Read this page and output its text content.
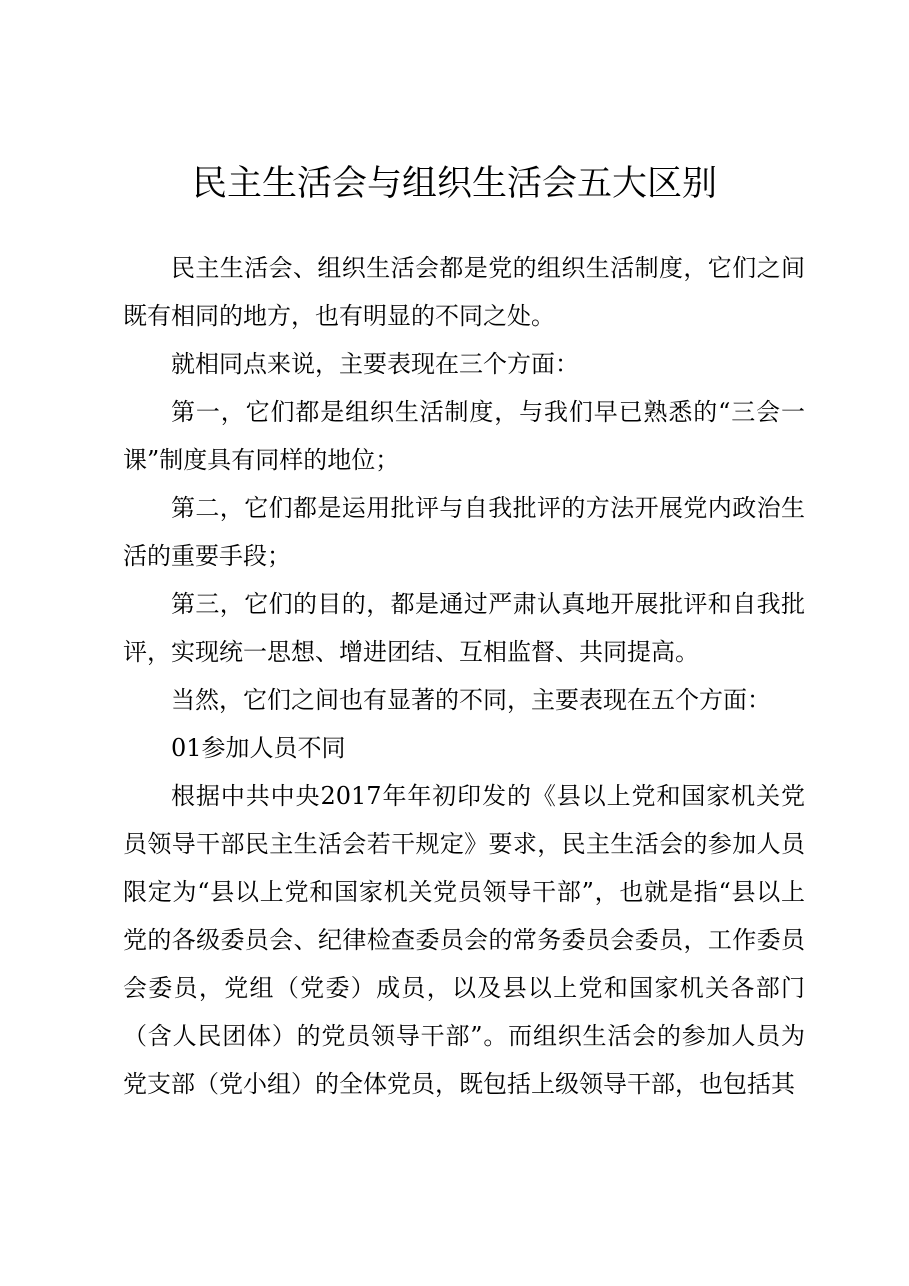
民主生活会与组织生活会五大区别

民主生活会、组织生活会都是党的组织生活制度，它们之间既有相同的地方，也有明显的不同之处。

就相同点来说，主要表现在三个方面：

第一，它们都是组织生活制度，与我们早已熟悉的“三会一课”制度具有同样的地位；

第二，它们都是运用批评与自我批评的方法开展党内政治生活的重要手段；

第三，它们的目的，都是通过严肃认真地开展批评和自我批评，实现统一思想、增进团结、互相监督、共同提高。

当然，它们之间也有显著的不同，主要表现在五个方面：

01参加人员不同

根据中共中央2017年年初印发的《县以上党和国家机关党员领导干部民主生活会若干规定》要求，民主生活会的参加人员限定为“县以上党和国家机关党员领导干部”，也就是指“县以上党的各级委员会、纪律检查委员会的常务委员会委员，工作委员会委员，党组（党委）成员，以及县以上党和国家机关各部门（含人民团体）的党员领导干部”。而组织生活会的参加人员为党支部（党小组）的全体党员，既包括上级领导干部，也包括其
